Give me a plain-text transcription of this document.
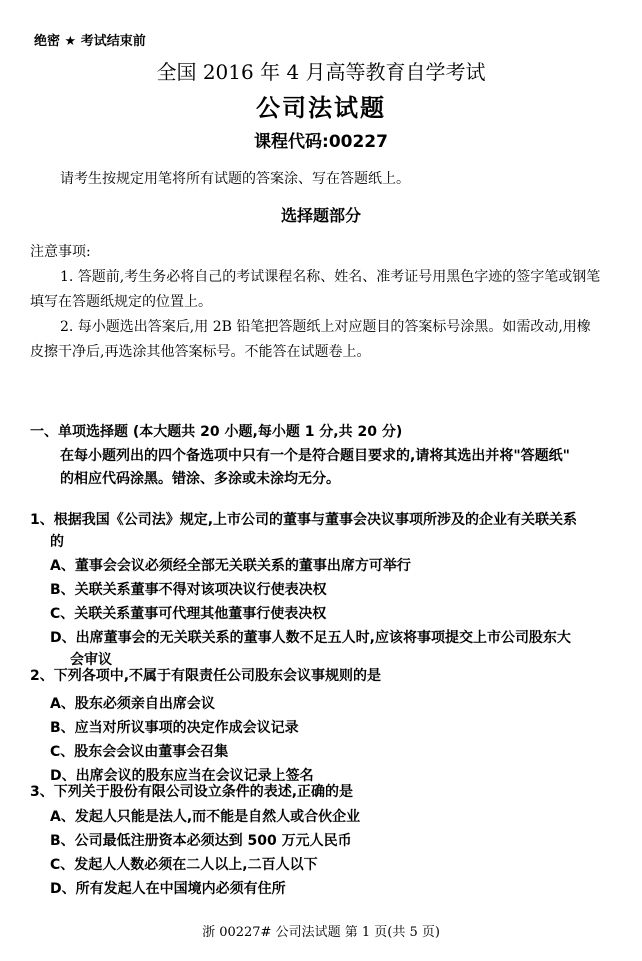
绝密 ★ 考试结束前
全国 2016 年 4 月高等教育自学考试
公司法试题
课程代码:00227
请考生按规定用笔将所有试题的答案涂、写在答题纸上。
选择题部分
注意事项:
1. 答题前,考生务必将自己的考试课程名称、姓名、准考证号用黑色字迹的签字笔或钢笔
填写在答题纸规定的位置上。
2. 每小题选出答案后,用 2B 铅笔把答题纸上对应题目的答案标号涂黑。如需改动,用橡
皮擦干净后,再选涂其他答案标号。不能答在试题卷上。
一、单项选择题 (本大题共 20 小题,每小题 1 分,共 20 分)
在每小题列出的四个备选项中只有一个是符合题目要求的,请将其选出并将"答题纸"
的相应代码涂黑。错涂、多涂或未涂均无分。
1、根据我国《公司法》规定,上市公司的董事与董事会决议事项所涉及的企业有关联关系
的
A、董事会会议必须经全部无关联关系的董事出席方可举行
B、关联关系董事不得对该项决议行使表决权
C、关联关系董事可代理其他董事行使表决权
D、出席董事会的无关联关系的董事人数不足五人时,应该将事项提交上市公司股东大
会审议
2、下列各项中,不属于有限责任公司股东会议事规则的是
A、股东必须亲自出席会议
B、应当对所议事项的决定作成会议记录
C、股东会会议由董事会召集
D、出席会议的股东应当在会议记录上签名
3、下列关于股份有限公司设立条件的表述,正确的是
A、发起人只能是法人,而不能是自然人或合伙企业
B、公司最低注册资本必须达到 500 万元人民币
C、发起人人数必须在二人以上,二百人以下
D、所有发起人在中国境内必须有住所
浙 00227# 公司法试题 第 1 页(共 5 页)
